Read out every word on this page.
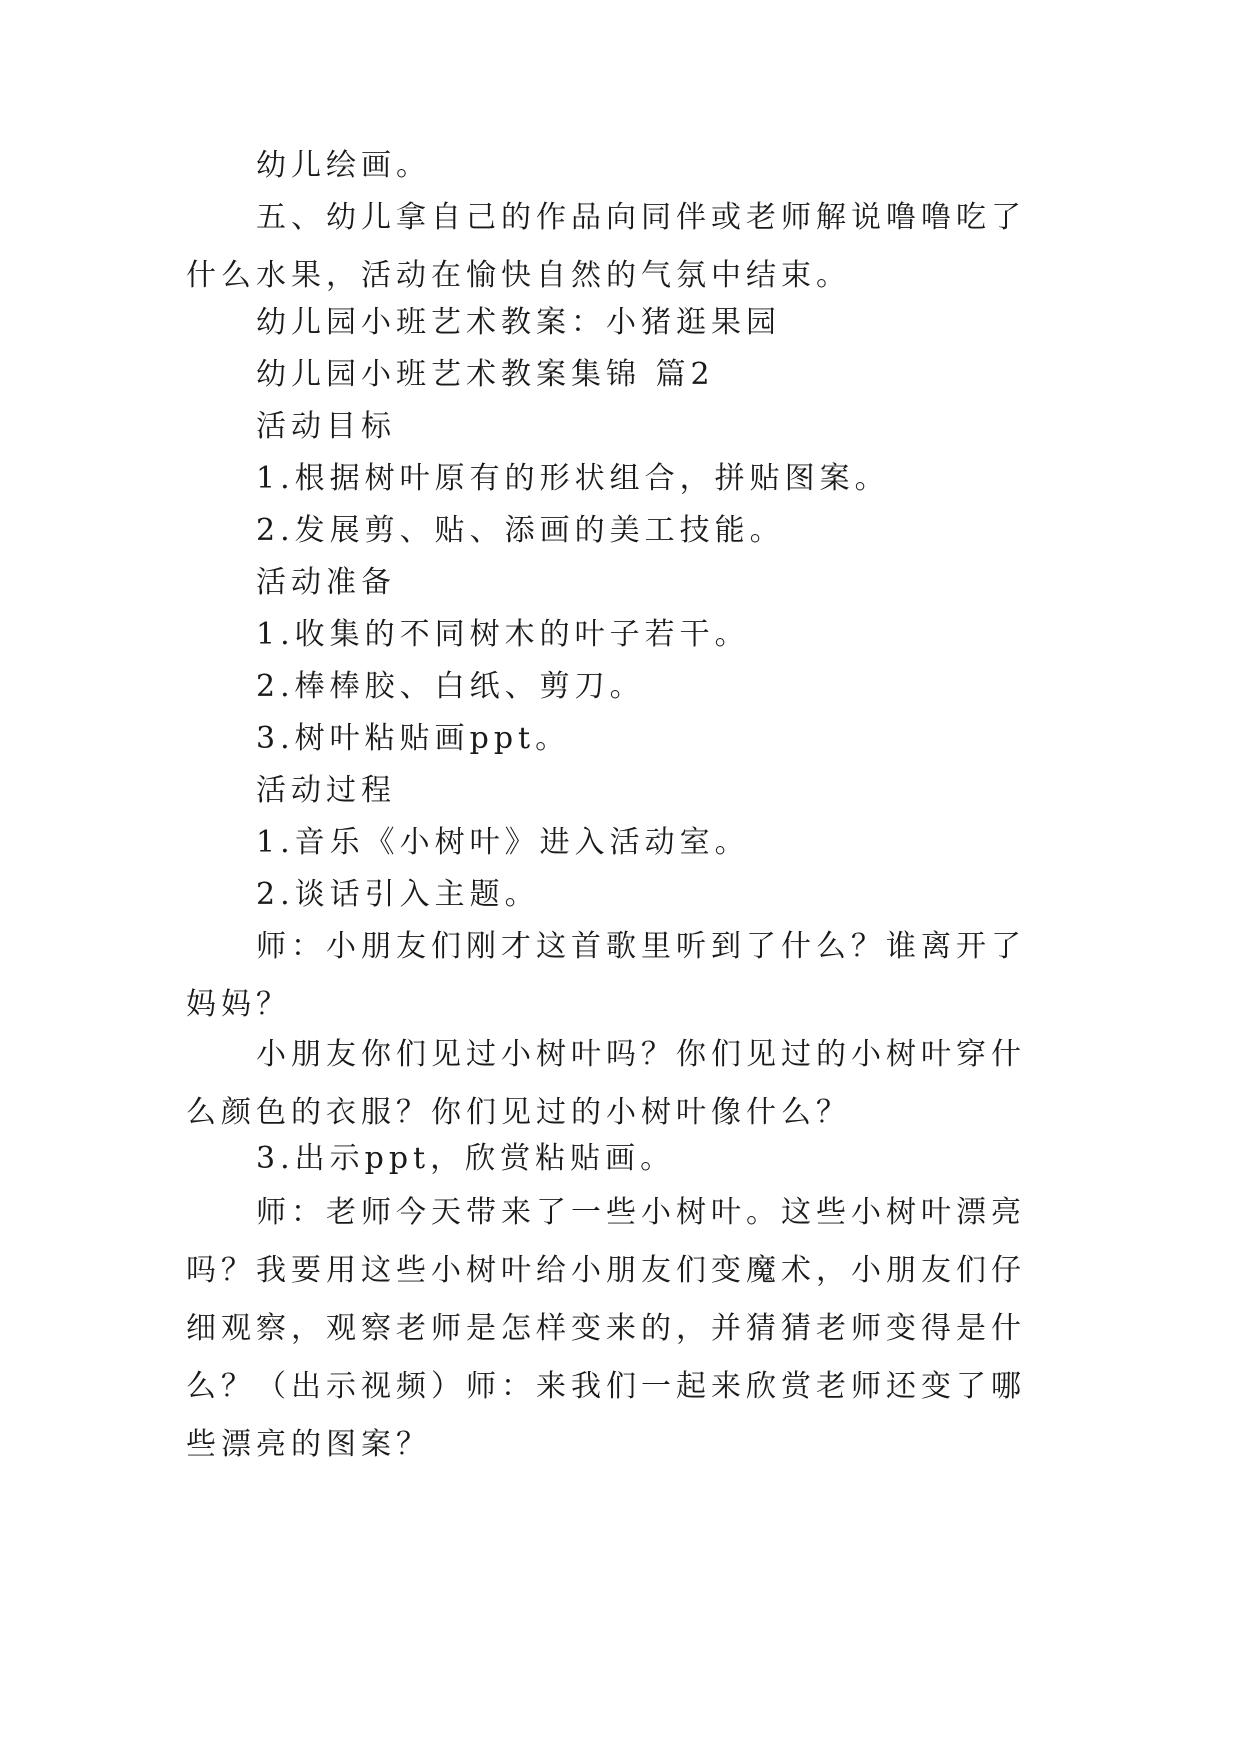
幼儿绘画。

五、幼儿拿自己的作品向同伴或老师解说噜噜吃了什么水果，活动在愉快自然的气氛中结束。

幼儿园小班艺术教案：小猪逛果园

幼儿园小班艺术教案集锦 篇2

活动目标

1.根据树叶原有的形状组合，拼贴图案。

2.发展剪、贴、添画的美工技能。

活动准备

1.收集的不同树木的叶子若干。

2.棒棒胶、白纸、剪刀。

3.树叶粘贴画ppt。

活动过程

1.音乐《小树叶》进入活动室。

2.谈话引入主题。

师：小朋友们刚才这首歌里听到了什么？谁离开了妈妈？

小朋友你们见过小树叶吗？你们见过的小树叶穿什么颜色的衣服？你们见过的小树叶像什么？

3.出示ppt，欣赏粘贴画。

师：老师今天带来了一些小树叶。这些小树叶漂亮吗？我要用这些小树叶给小朋友们变魔术，小朋友们仔细观察，观察老师是怎样变来的，并猜猜老师变得是什么？（出示视频）师：来我们一起来欣赏老师还变了哪些漂亮的图案？
